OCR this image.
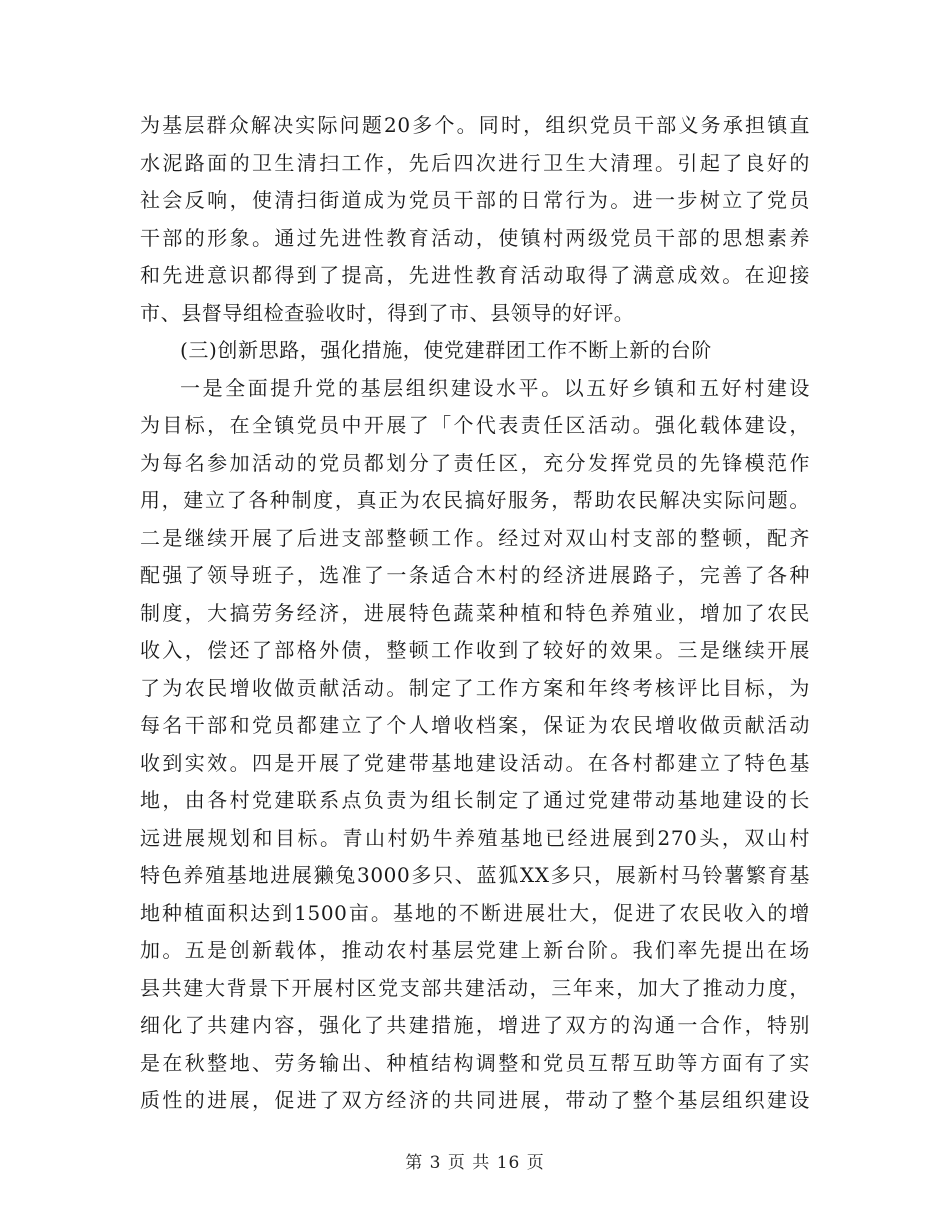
为基层群众解决实际问题20多个。同时，组织党员干部义务承担镇直
水泥路面的卫生清扫工作，先后四次进行卫生大清理。引起了良好的
社会反响，使清扫街道成为党员干部的日常行为。进一步树立了党员
干部的形象。通过先进性教育活动，使镇村两级党员干部的思想素养
和先进意识都得到了提高，先进性教育活动取得了满意成效。在迎接
市、县督导组检查验收时，得到了市、县领导的好评。
(三)创新思路，强化措施，使党建群团工作不断上新的台阶
一是全面提升党的基层组织建设水平。以五好乡镇和五好村建设
为目标，在全镇党员中开展了「个代表责任区活动。强化载体建设，
为每名参加活动的党员都划分了责任区，充分发挥党员的先锋模范作
用，建立了各种制度，真正为农民搞好服务，帮助农民解决实际问题。
二是继续开展了后进支部整顿工作。经过对双山村支部的整顿，配齐
配强了领导班子，选准了一条适合木村的经济进展路子，完善了各种
制度，大搞劳务经济，进展特色蔬菜种植和特色养殖业，增加了农民
收入，偿还了部格外债，整顿工作收到了较好的效果。三是继续开展
了为农民增收做贡献活动。制定了工作方案和年终考核评比目标，为
每名干部和党员都建立了个人增收档案，保证为农民增收做贡献活动
收到实效。四是开展了党建带基地建设活动。在各村都建立了特色基
地，由各村党建联系点负责为组长制定了通过党建带动基地建设的长
远进展规划和目标。青山村奶牛养殖基地已经进展到270头，双山村
特色养殖基地进展獭兔3000多只、蓝狐XX多只，展新村马铃薯繁育基
地种植面积达到1500亩。基地的不断进展壮大，促进了农民收入的增
加。五是创新载体，推动农村基层党建上新台阶。我们率先提出在场
县共建大背景下开展村区党支部共建活动，三年来，加大了推动力度，
细化了共建内容，强化了共建措施，增进了双方的沟通一合作，特别
是在秋整地、劳务输出、种植结构调整和党员互帮互助等方面有了实
质性的进展，促进了双方经济的共同进展，带动了整个基层组织建设
第 3 页 共 16 页
